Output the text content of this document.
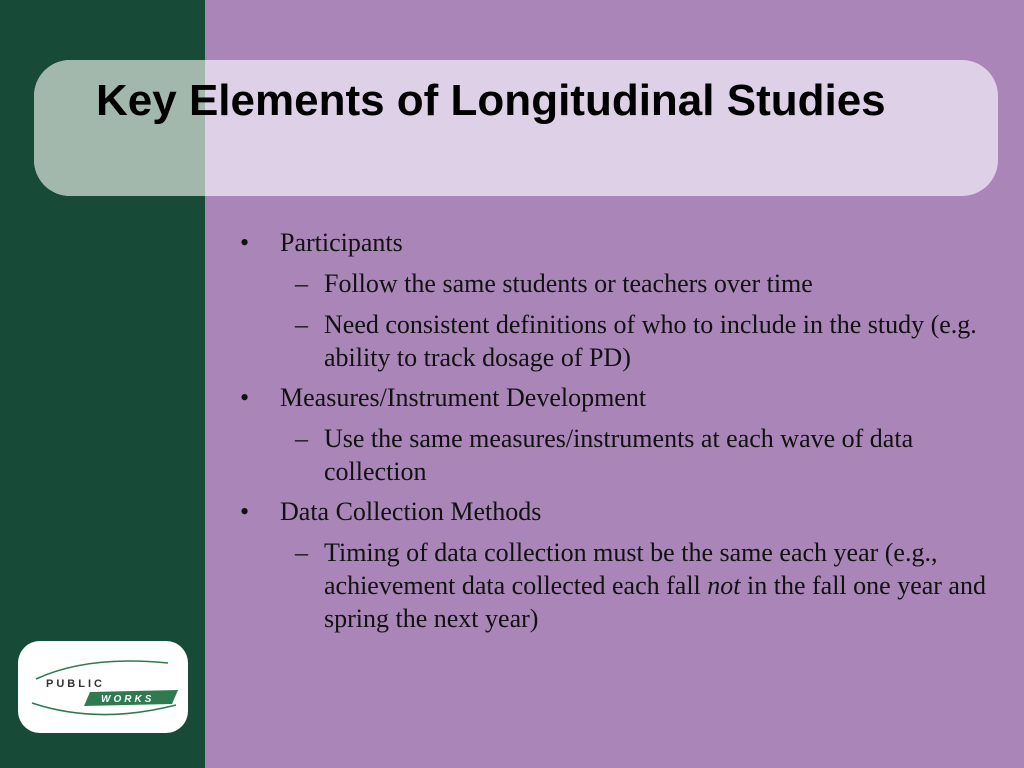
Key Elements of Longitudinal Studies
• Participants
– Follow the same students or teachers over time
– Need consistent definitions of who to include in the study (e.g. ability to track dosage of PD)
• Measures/Instrument Development
– Use the same measures/instruments at each wave of data collection
• Data Collection Methods
– Timing of data collection must be the same each year (e.g., achievement data collected each fall not in the fall one year and spring the next year)
PUBLIC
WORKS
